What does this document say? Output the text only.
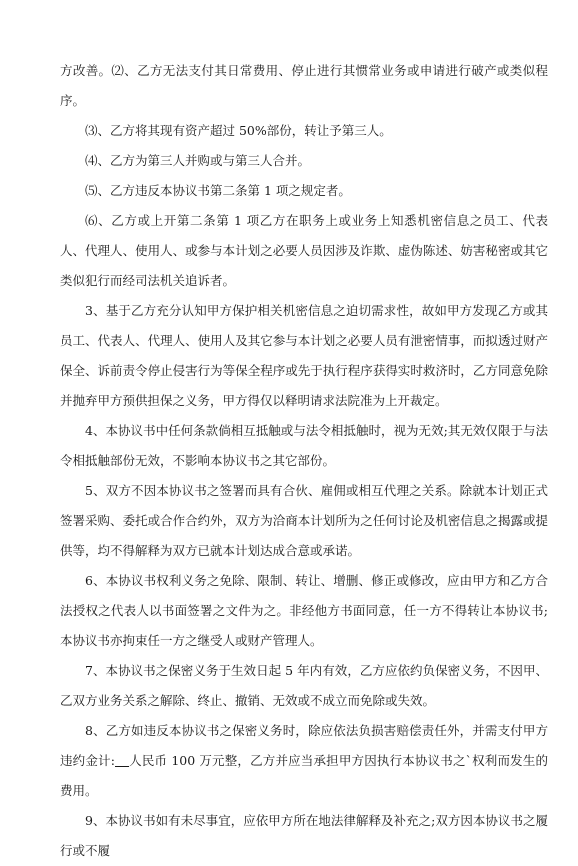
方改善。⑵、乙方无法支付其日常费用、停止进行其惯常业务或申请进行破产或类似程序。

⑶、乙方将其现有资产超过 50%部份，转让予第三人。

⑷、乙方为第三人并购或与第三人合并。

⑸、乙方违反本协议书第二条第 1 项之规定者。

⑹、乙方或上开第二条第 1 项乙方在职务上或业务上知悉机密信息之员工、代表人、代理人、使用人、或参与本计划之必要人员因涉及诈欺、虚伪陈述、妨害秘密或其它类似犯行而经司法机关追诉者。

3、基于乙方充分认知甲方保护相关机密信息之迫切需求性，故如甲方发现乙方或其员工、代表人、代理人、使用人及其它参与本计划之必要人员有泄密情事，而拟透过财产保全、诉前责令停止侵害行为等保全程序或先于执行程序获得实时救济时，乙方同意免除并抛弃甲方预供担保之义务，甲方得仅以释明请求法院准为上开裁定。

4、本协议书中任何条款倘相互抵触或与法令相抵触时，视为无效;其无效仅限于与法令相抵触部份无效，不影响本协议书之其它部份。

5、双方不因本协议书之签署而具有合伙、雇佣或相互代理之关系。除就本计划正式签署采购、委托或合作合约外，双方为洽商本计划所为之任何讨论及机密信息之揭露或提供等，均不得解释为双方已就本计划达成合意或承诺。

6、本协议书权利义务之免除、限制、转让、增删、修正或修改，应由甲方和乙方合法授权之代表人以书面签署之文件为之。非经他方书面同意，任一方不得转让本协议书;本协议书亦拘束任一方之继受人或财产管理人。

7、本协议书之保密义务于生效日起 5 年内有效，乙方应依约负保密义务，不因甲、乙双方业务关系之解除、终止、撤销、无效或不成立而免除或失效。

8、乙方如违反本协议书之保密义务时，除应依法负损害赔偿责任外，并需支付甲方违约金计: 人民币 100 万元整，乙方并应当承担甲方因执行本协议书之`权利而发生的费用。

9、本协议书如有未尽事宜，应依甲方所在地法律解释及补充之;双方因本协议书之履行或不履
